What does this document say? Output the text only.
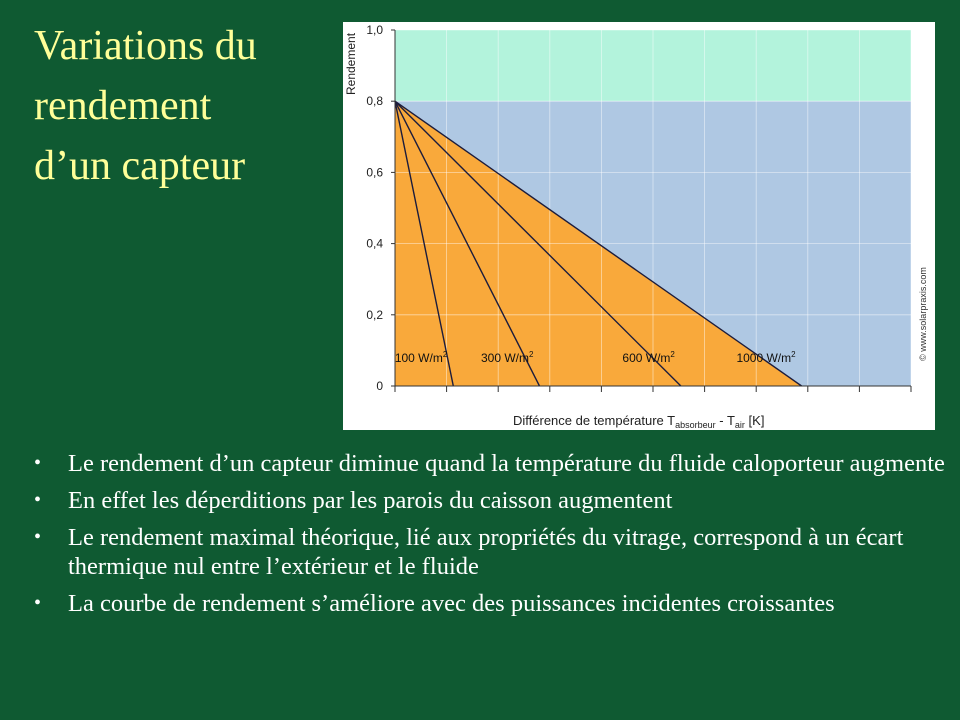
Variations du
rendement
d’un capteur
0
0,2
0,4
0,6
0,8
1,0
100 $W/m^2$	300 $W/m^2$	600 $W/m^2$	1000 $W/m^2$
Rendement
Différence de température $T_{absorbeur} - T_{air}$ [K]
© www.solarpraxis.com
• Le rendement d’un capteur diminue quand la température du fluide caloporteur augmente
• En effet les déperditions par les parois du caisson augmentent
• Le rendement maximal théorique, lié aux propriétés du vitrage, correspond à un écart thermique nul entre l’extérieur et le fluide
• La courbe de rendement s’améliore avec des puissances incidentes croissantes
